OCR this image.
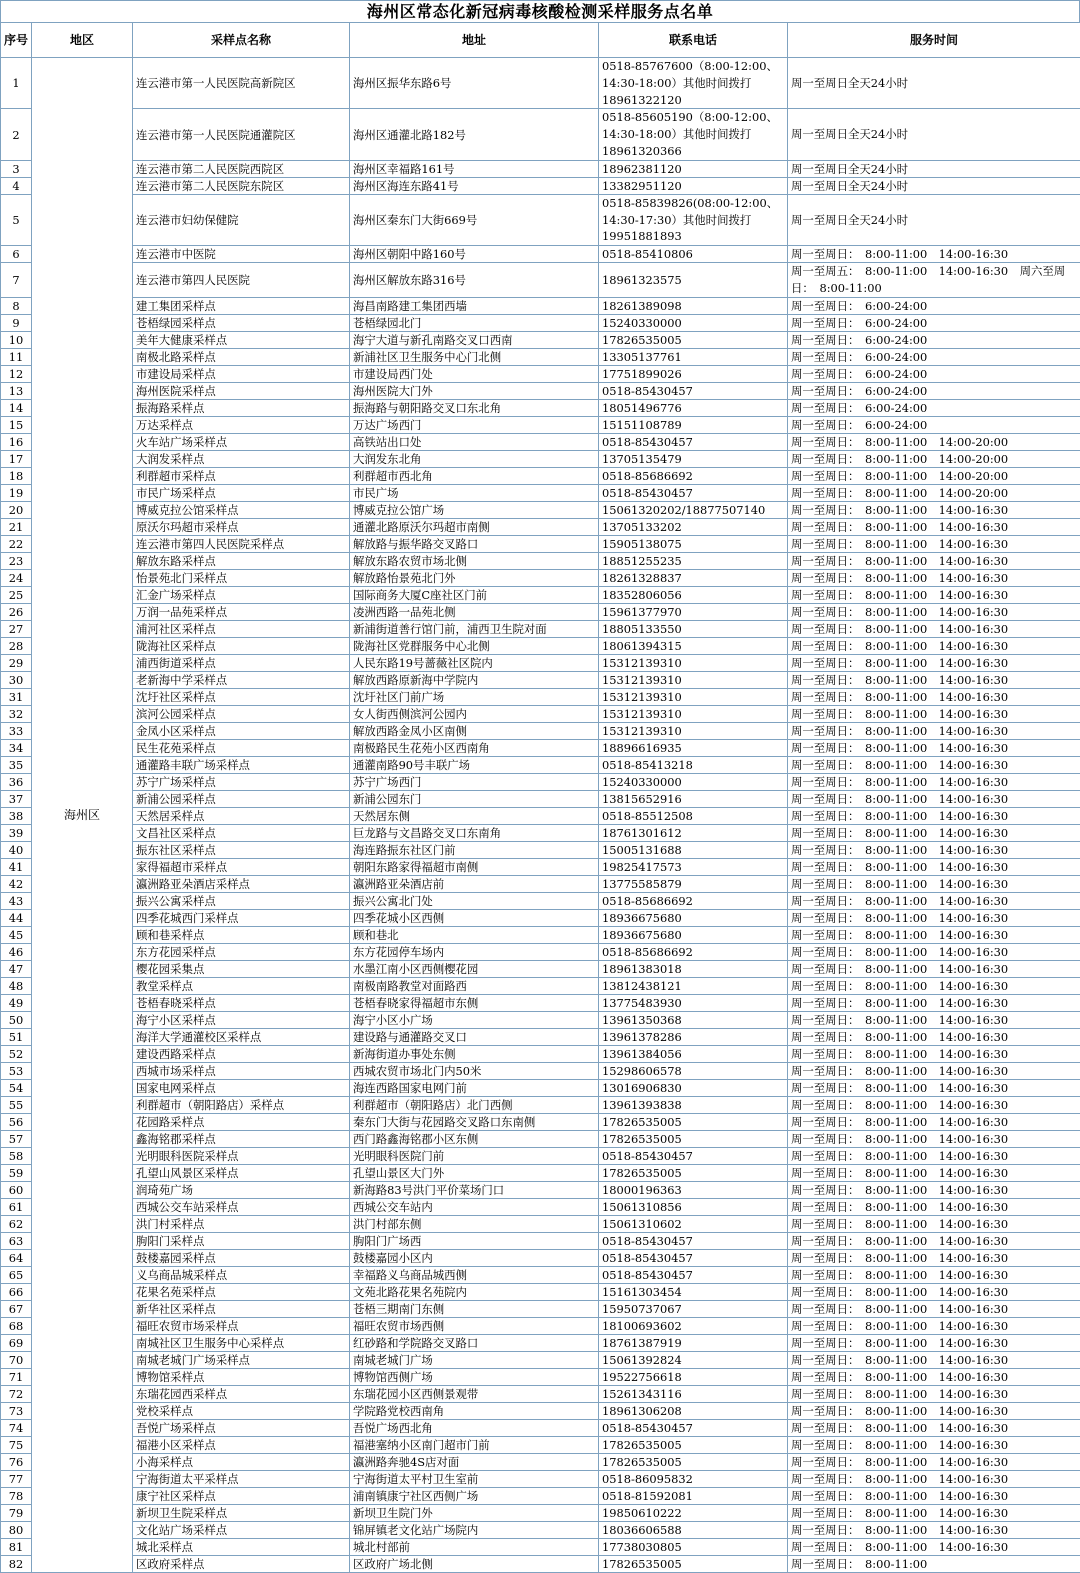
海州区常态化新冠病毒核酸检测采样服务点名单
序号	地区	采样点名称	地址	联系电话	服务时间
1	海州区	连云港市第一人民医院高新院区	海州区振华东路6号	0518-85767600（8:00-12:00、14:30-18:00）其他时间拨打18961322120	周一至周日全天24小时
2		连云港市第一人民医院通灌院区	海州区通灌北路182号	0518-85605190（8:00-12:00、14:30-18:00）其他时间拨打18961320366	周一至周日全天24小时
3		连云港市第二人民医院西院区	海州区幸福路161号	18962381120	周一至周日全天24小时
4		连云港市第二人民医院东院区	海州区海连东路41号	13382951120	周一至周日全天24小时
5		连云港市妇幼保健院	海州区秦东门大街669号	0518-85839826(08:00-12:00、14:30-17:30）其他时间拨打19951881893	周一至周日全天24小时
6		连云港市中医院	海州区朝阳中路160号	0518-85410806	周一至周日：　8:00-11:00　14:00-16:30
7		连云港市第四人民医院	海州区解放东路316号	18961323575	周一至周五：　8:00-11:00　14:00-16:30　周六至周日：　8:00-11:00
8		建工集团采样点	海昌南路建工集团西墙	18261389098	周一至周日：　6:00-24:00
9		苍梧绿园采样点	苍梧绿园北门	15240330000	周一至周日：　6:00-24:00
10		美年大健康采样点	海宁大道与新孔南路交叉口西南	17826535005	周一至周日：　6:00-24:00
11		南极北路采样点	新浦社区卫生服务中心门北侧	13305137761	周一至周日：　6:00-24:00
12		市建设局采样点	市建设局西门处	17751899026	周一至周日：　6:00-24:00
13		海州医院采样点	海州医院大门外	0518-85430457	周一至周日：　6:00-24:00
14		振海路采样点	振海路与朝阳路交叉口东北角	18051496776	周一至周日：　6:00-24:00
15		万达采样点	万达广场西门	15151108789	周一至周日：　6:00-24:00
16		火车站广场采样点	高铁站出口处	0518-85430457	周一至周日：　8:00-11:00　14:00-20:00
17		大润发采样点	大润发东北角	13705135479	周一至周日：　8:00-11:00　14:00-20:00
18		利群超市采样点	利群超市西北角	0518-85686692	周一至周日：　8:00-11:00　14:00-20:00
19		市民广场采样点	市民广场	0518-85430457	周一至周日：　8:00-11:00　14:00-20:00
20		博威克拉公馆采样点	博威克拉公馆广场	15061320202/18877507140	周一至周日：　8:00-11:00　14:00-16:30
21		原沃尔玛超市采样点	通灌北路原沃尔玛超市南侧	13705133202	周一至周日：　8:00-11:00　14:00-16:30
22		连云港市第四人民医院采样点	解放路与振华路交叉路口	15905138075	周一至周日：　8:00-11:00　14:00-16:30
23		解放东路采样点	解放东路农贸市场北侧	18851255235	周一至周日：　8:00-11:00　14:00-16:30
24		怡景苑北门采样点	解放路怡景苑北门外	18261328837	周一至周日：　8:00-11:00　14:00-16:30
25		汇金广场采样点	国际商务大厦C座社区门前	18352806056	周一至周日：　8:00-11:00　14:00-16:30
26		万润一品苑采样点	凌洲西路一品苑北侧	15961377970	周一至周日：　8:00-11:00　14:00-16:30
27		浦河社区采样点	新浦街道善行馆门前，浦西卫生院对面	18805133550	周一至周日：　8:00-11:00　14:00-16:30
28		陇海社区采样点	陇海社区党群服务中心北侧	18061394315	周一至周日：　8:00-11:00　14:00-16:30
29		浦西街道采样点	人民东路19号蔷薇社区院内	15312139310	周一至周日：　8:00-11:00　14:00-16:30
30		老新海中学采样点	解放西路原新海中学院内	15312139310	周一至周日：　8:00-11:00　14:00-16:30
31		沈圩社区采样点	沈圩社区门前广场	15312139310	周一至周日：　8:00-11:00　14:00-16:30
32		滨河公园采样点	女人街西侧滨河公园内	15312139310	周一至周日：　8:00-11:00　14:00-16:30
33		金凤小区采样点	解放西路金凤小区南侧	15312139310	周一至周日：　8:00-11:00　14:00-16:30
34		民生花苑采样点	南极路民生花苑小区西南角	18896616935	周一至周日：　8:00-11:00　14:00-16:30
35		通灌路丰联广场采样点	通灌南路90号丰联广场	0518-85413218	周一至周日：　8:00-11:00　14:00-16:30
36		苏宁广场采样点	苏宁广场西门	15240330000	周一至周日：　8:00-11:00　14:00-16:30
37		新浦公园采样点	新浦公园东门	13815652916	周一至周日：　8:00-11:00　14:00-16:30
38		天然居采样点	天然居东侧	0518-85512508	周一至周日：　8:00-11:00　14:00-16:30
39		文昌社区采样点	巨龙路与文昌路交叉口东南角	18761301612	周一至周日：　8:00-11:00　14:00-16:30
40		振东社区采样点	海连路振东社区门前	15005131688	周一至周日：　8:00-11:00　14:00-16:30
41		家得福超市采样点	朝阳东路家得福超市南侧	19825417573	周一至周日：　8:00-11:00　14:00-16:30
42		瀛洲路亚朵酒店采样点	瀛洲路亚朵酒店前	13775585879	周一至周日：　8:00-11:00　14:00-16:30
43		振兴公寓采样点	振兴公寓北门处	0518-85686692	周一至周日：　8:00-11:00　14:00-16:30
44		四季花城西门采样点	四季花城小区西侧	18936675680	周一至周日：　8:00-11:00　14:00-16:30
45		顾和巷采样点	顾和巷北	18936675680	周一至周日：　8:00-11:00　14:00-16:30
46		东方花园采样点	东方花园停车场内	0518-85686692	周一至周日：　8:00-11:00　14:00-16:30
47		樱花园采集点	水墨江南小区西侧樱花园	18961383018	周一至周日：　8:00-11:00　14:00-16:30
48		教堂采样点	南极南路教堂对面路西	13812438121	周一至周日：　8:00-11:00　14:00-16:30
49		苍梧春晓采样点	苍梧春晓家得福超市东侧	13775483930	周一至周日：　8:00-11:00　14:00-16:30
50		海宁小区采样点	海宁小区小广场	13961350368	周一至周日：　8:00-11:00　14:00-16:30
51		海洋大学通灌校区采样点	建设路与通灌路交叉口	13961378286	周一至周日：　8:00-11:00　14:00-16:30
52		建设西路采样点	新海街道办事处东侧	13961384056	周一至周日：　8:00-11:00　14:00-16:30
53		西城市场采样点	西城农贸市场北门内50米	15298606578	周一至周日：　8:00-11:00　14:00-16:30
54		国家电网采样点	海连西路国家电网门前	13016906830	周一至周日：　8:00-11:00　14:00-16:30
55		利群超市（朝阳路店）采样点	利群超市（朝阳路店）北门西侧	13961393838	周一至周日：　8:00-11:00　14:00-16:30
56		花园路采样点	秦东门大街与花园路交叉路口东南侧	17826535005	周一至周日：　8:00-11:00　14:00-16:30
57		鑫海铭郡采样点	西门路鑫海铭郡小区东侧	17826535005	周一至周日：　8:00-11:00　14:00-16:30
58		光明眼科医院采样点	光明眼科医院门前	0518-85430457	周一至周日：　8:00-11:00　14:00-16:30
59		孔望山风景区采样点	孔望山景区大门外	17826535005	周一至周日：　8:00-11:00　14:00-16:30
60		润琦苑广场	新海路83号洪门平价菜场门口	18000196363	周一至周日：　8:00-11:00　14:00-16:30
61		西城公交车站采样点	西城公交车站内	15061310856	周一至周日：　8:00-11:00　14:00-16:30
62		洪门村采样点	洪门村部东侧	15061310602	周一至周日：　8:00-11:00　14:00-16:30
63		朐阳门采样点	朐阳门广场西	0518-85430457	周一至周日：　8:00-11:00　14:00-16:30
64		鼓楼嘉园采样点	鼓楼嘉园小区内	0518-85430457	周一至周日：　8:00-11:00　14:00-16:30
65		义乌商品城采样点	幸福路义乌商品城西侧	0518-85430457	周一至周日：　8:00-11:00　14:00-16:30
66		花果名苑采样点	文苑北路花果名苑院内	15161303454	周一至周日：　8:00-11:00　14:00-16:30
67		新华社区采样点	苍梧三期南门东侧	15950737067	周一至周日：　8:00-11:00　14:00-16:30
68		福旺农贸市场采样点	福旺农贸市场西侧	18100693602	周一至周日：　8:00-11:00　14:00-16:30
69		南城社区卫生服务中心采样点	红砂路和学院路交叉路口	18761387919	周一至周日：　8:00-11:00　14:00-16:30
70		南城老城门广场采样点	南城老城门广场	15061392824	周一至周日：　8:00-11:00　14:00-16:30
71		博物馆采样点	博物馆西侧广场	19522756618	周一至周日：　8:00-11:00　14:00-16:30
72		东瑞花园西采样点	东瑞花园小区西侧景观带	15261343116	周一至周日：　8:00-11:00　14:00-16:30
73		党校采样点	学院路党校西南角	18961306208	周一至周日：　8:00-11:00　14:00-16:30
74		吾悦广场采样点	吾悦广场西北角	0518-85430457	周一至周日：　8:00-11:00　14:00-16:30
75		福港小区采样点	福港塞纳小区南门超市门前	17826535005	周一至周日：　8:00-11:00　14:00-16:30
76		小海采样点	瀛洲路奔驰4S店对面	17826535005	周一至周日：　8:00-11:00　14:00-16:30
77		宁海街道太平采样点	宁海街道太平村卫生室前	0518-86095832	周一至周日：　8:00-11:00　14:00-16:30
78		康宁社区采样点	浦南镇康宁社区西侧广场	0518-81592081	周一至周日：　8:00-11:00　14:00-16:30
79		新坝卫生院采样点	新坝卫生院门外	19850610222	周一至周日：　8:00-11:00　14:00-16:30
80		文化站广场采样点	锦屏镇老文化站广场院内	18036606588	周一至周日：　8:00-11:00　14:00-16:30
81		城北采样点	城北村部前	17738030805	周一至周日：　8:00-11:00　14:00-16:30
82		区政府采样点	区政府广场北侧	17826535005	周一至周日：　8:00-11:00
